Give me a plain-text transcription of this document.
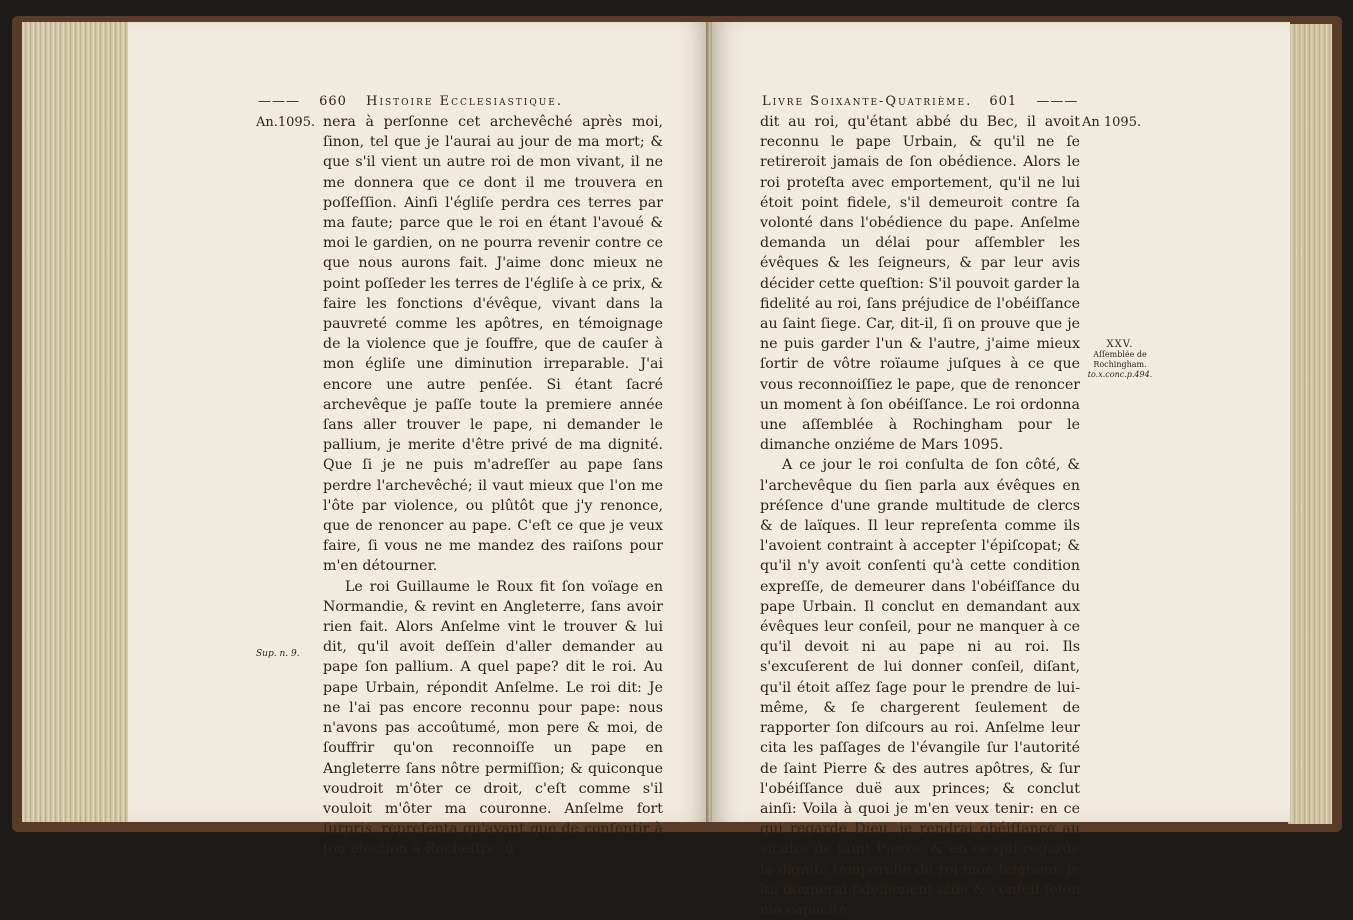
——— 660 Histoire Ecclesiastique.
An.1095.
Sup. n. 9.

nera à perſonne cet archevêché après moi, ſinon, tel que je l'aurai au jour de ma mort; & que s'il vient un autre roi de mon vivant, il ne me donnera que ce dont il me trouvera en poſſeſſion. Ainſi l'égliſe perdra ces terres par ma faute; parce que le roi en étant l'avoué & moi le gardien, on ne pourra revenir contre ce que nous aurons fait. J'aime donc mieux ne point poſſeder les terres de l'égliſe à ce prix, & faire les fonctions d'évêque, vivant dans la pauvreté comme les apôtres, en témoignage de la violence que je ſouffre, que de cauſer à mon égliſe une diminution irreparable. J'ai encore une autre penſée. Si étant ſacré archevêque je paſſe toute la premiere année ſans aller trouver le pape, ni demander le pallium, je merite d'être privé de ma dignité. Que ſi je ne puis m'adreſſer au pape ſans perdre l'archevêché; il vaut mieux que l'on me l'ôte par violence, ou plûtôt que j'y renonce, que de renoncer au pape. C'eſt ce que je veux faire, ſi vous ne me mandez des raiſons pour m'en détourner.

Le roi Guillaume le Roux fit ſon voïage en Normandie, & revint en Angleterre, ſans avoir rien fait. Alors Anſelme vint le trouver & lui dit, qu'il avoit deſſein d'aller demander au pape ſon pallium. A quel pape? dit le roi. Au pape Urbain, répondit Anſelme. Le roi dit: Je ne l'ai pas encore reconnu pour pape: nous n'avons pas accoûtumé, mon pere & moi, de ſouffrir qu'on reconnoiſſe un pape en Angleterre ſans nôtre permiſſion; & quiconque voudroit m'ôter ce droit, c'eſt comme s'il vouloit m'ôter ma couronne. Anſelme fort ſurpris, repreſenta qu'avant que de conſentir à ſon élection à Rocheſtre, il

Livre Soixante-Quatrième. 601 ———
An 1095.
XXV.
Aſſemblée de Rochingham.
to.x.conc.p.494.

dit au roi, qu'étant abbé du Bec, il avoit reconnu le pape Urbain, & qu'il ne ſe retireroit jamais de ſon obédience. Alors le roi proteſta avec emportement, qu'il ne lui étoit point fidele, s'il demeuroit contre ſa volonté dans l'obédience du pape. Anſelme demanda un délai pour aſſembler les évêques & les ſeigneurs, & par leur avis décider cette queſtion: S'il pouvoit garder la fidelité au roi, ſans préjudice de l'obéiſſance au ſaint ſiege. Car, dit-il, ſi on prouve que je ne puis garder l'un & l'autre, j'aime mieux ſortir de vôtre roïaume juſques à ce que vous reconnoiſſiez le pape, que de renoncer un moment à ſon obéiſſance. Le roi ordonna une aſſemblée à Rochingham pour le dimanche onziéme de Mars 1095.

A ce jour le roi conſulta de ſon côté, & l'archevêque du ſien parla aux évêques en préſence d'une grande multitude de clercs & de laïques. Il leur repreſenta comme ils l'avoient contraint à accepter l'épiſcopat; & qu'il n'y avoit conſenti qu'à cette condition expreſſe, de demeurer dans l'obéiſſance du pape Urbain. Il conclut en demandant aux évêques leur conſeil, pour ne manquer à ce qu'il devoit ni au pape ni au roi. Ils s'excuſerent de lui donner conſeil, diſant, qu'il étoit aſſez ſage pour le prendre de lui-même, & ſe chargerent ſeulement de rapporter ſon diſcours au roi. Anſelme leur cita les paſſages de l'évangile ſur l'autorité de ſaint Pierre & des autres apôtres, & ſur l'obéiſſance duë aux princes; & conclut ainſi: Voila à quoi je m'en veux tenir: en ce qui regarde Dieu, je rendrai obéiſſance au vicaire de ſaint Pierre, & en ce qui regarde la dignité temporelle du roi mon ſeigneur, je lui donnerai fidellement aide & conſeil ſelon ma capacité.
